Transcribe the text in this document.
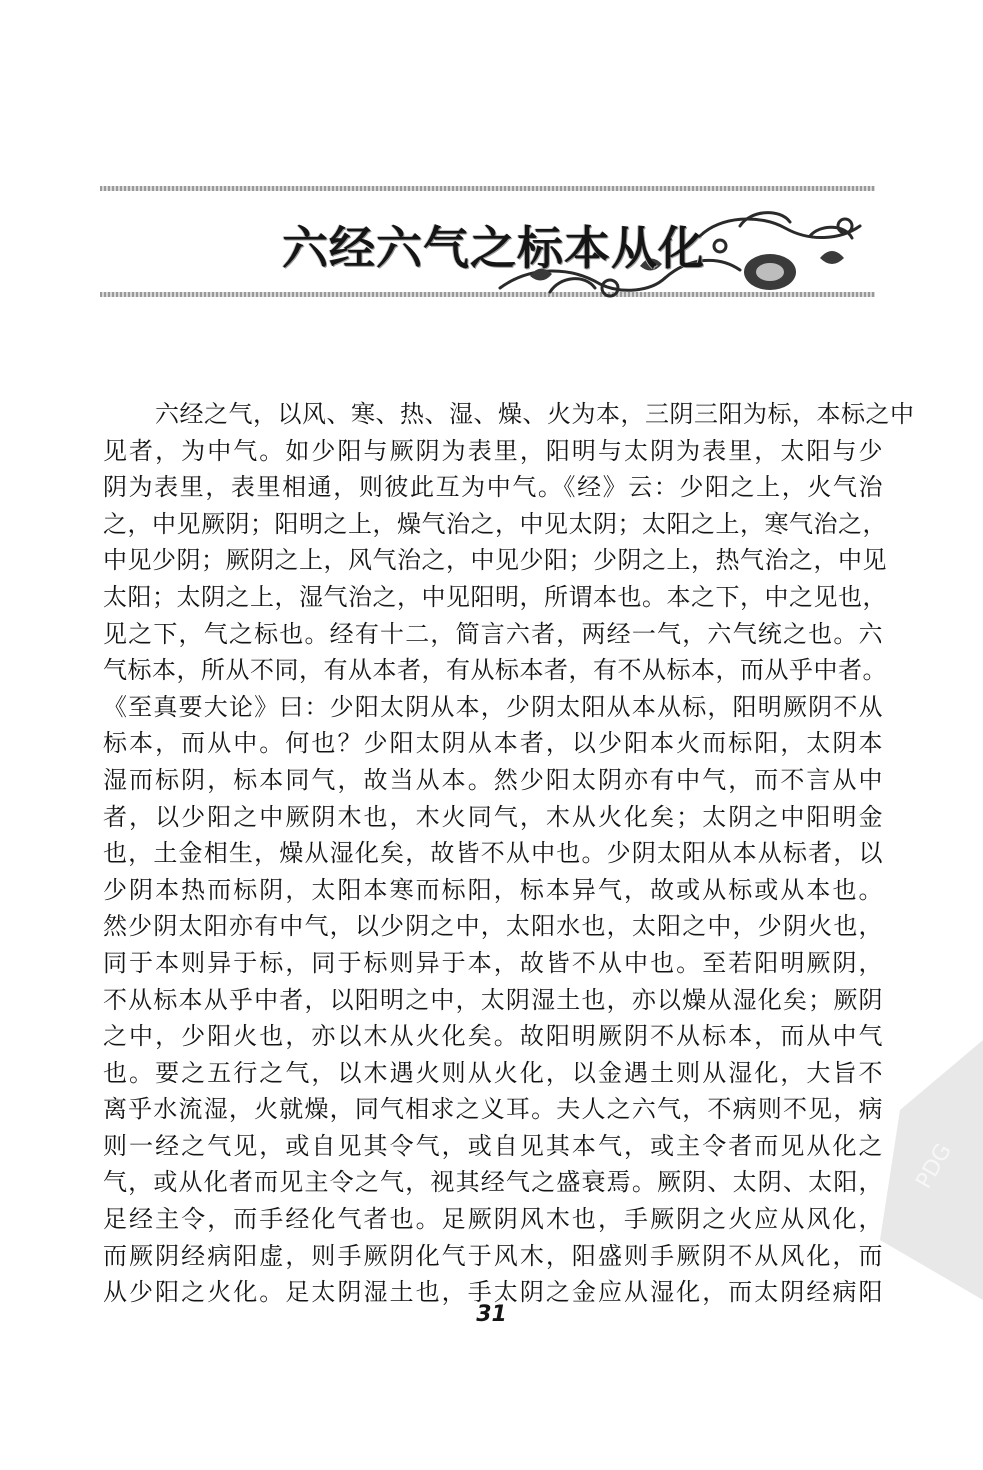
六经六气之标本从化
六经之气，以风、寒、热、湿、燥、火为本，三阴三阳为标，本标之中
见者，为中气。如少阳与厥阴为表里，阳明与太阴为表里，太阳与少
阴为表里，表里相通，则彼此互为中气。《经》云：少阳之上，火气治
之，中见厥阴；阳明之上，燥气治之，中见太阴；太阳之上，寒气治之，
中见少阴；厥阴之上，风气治之，中见少阳；少阴之上，热气治之，中见
太阳；太阴之上，湿气治之，中见阳明，所谓本也。本之下，中之见也，
见之下，气之标也。经有十二，简言六者，两经一气，六气统之也。六
气标本，所从不同，有从本者，有从标本者，有不从标本，而从乎中者。
《至真要大论》曰：少阳太阴从本，少阴太阳从本从标，阳明厥阴不从
标本，而从中。何也？少阳太阴从本者，以少阳本火而标阳，太阴本
湿而标阴，标本同气，故当从本。然少阳太阴亦有中气，而不言从中
者，以少阳之中厥阴木也，木火同气，木从火化矣；太阴之中阳明金
也，土金相生，燥从湿化矣，故皆不从中也。少阴太阳从本从标者，以
少阴本热而标阴，太阳本寒而标阳，标本异气，故或从标或从本也。
然少阴太阳亦有中气，以少阴之中，太阳水也，太阳之中，少阴火也，
同于本则异于标，同于标则异于本，故皆不从中也。至若阳明厥阴，
不从标本从乎中者，以阳明之中，太阴湿土也，亦以燥从湿化矣；厥阴
之中，少阳火也，亦以木从火化矣。故阳明厥阴不从标本，而从中气
也。要之五行之气，以木遇火则从火化，以金遇土则从湿化，大旨不
离乎水流湿，火就燥，同气相求之义耳。夫人之六气，不病则不见，病
则一经之气见，或自见其令气，或自见其本气，或主令者而见从化之
气，或从化者而见主令之气，视其经气之盛衰焉。厥阴、太阴、太阳，
足经主令，而手经化气者也。足厥阴风木也，手厥阴之火应从风化，
而厥阴经病阳虚，则手厥阴化气于风木，阳盛则手厥阴不从风化，而
从少阳之火化。足太阴湿土也，手太阴之金应从湿化，而太阴经病阳
PDG
31
